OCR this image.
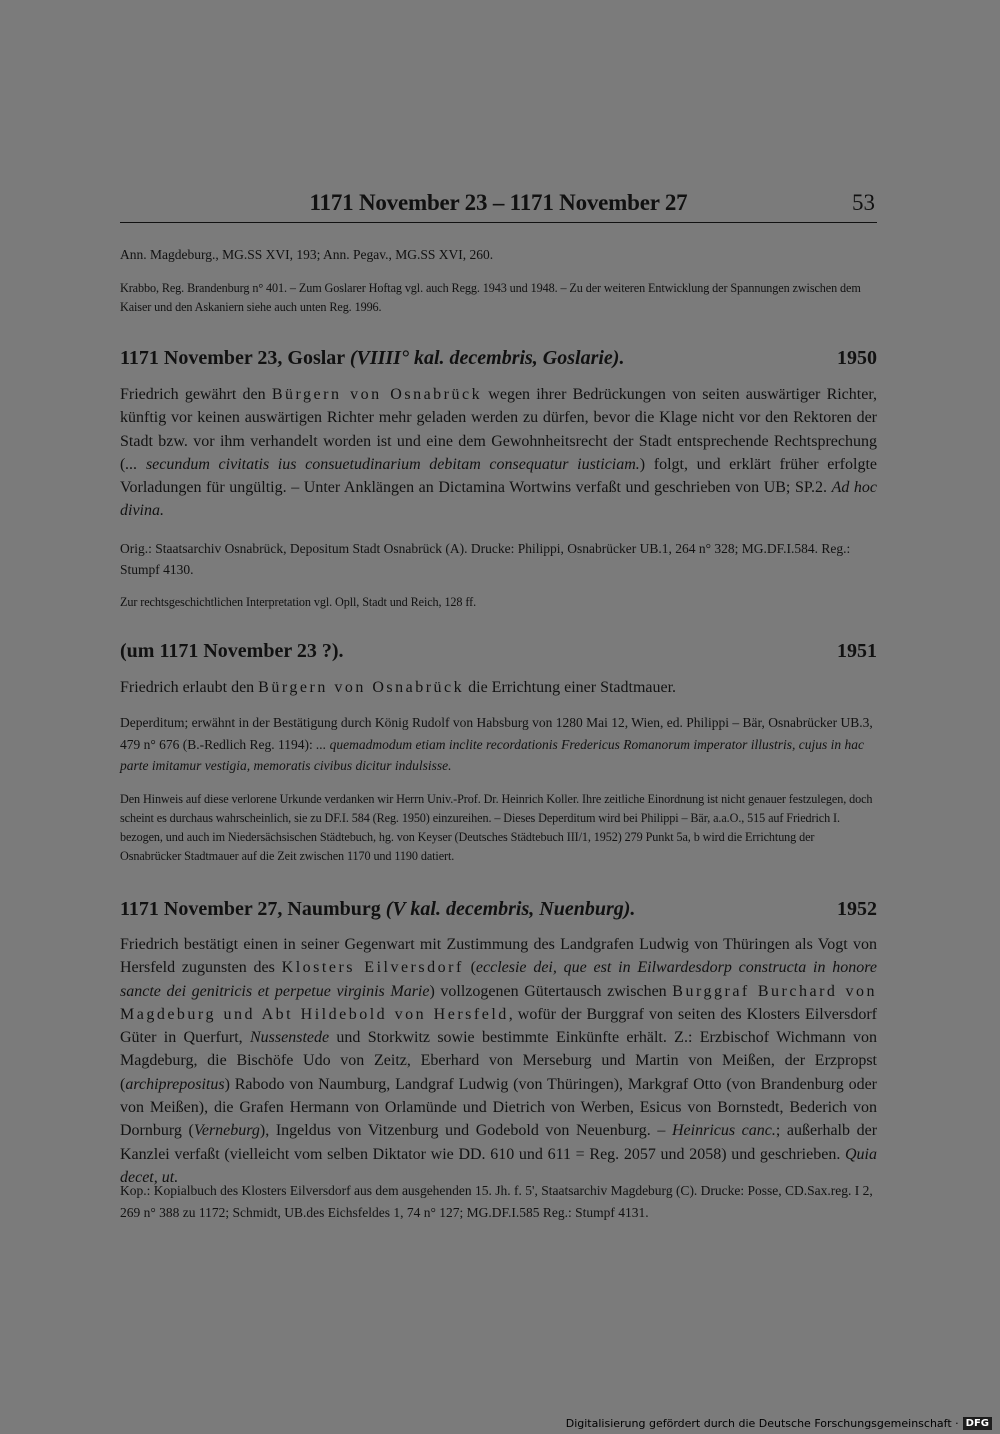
1171 November 23 – 1171 November 27	53
Ann. Magdeburg., MG.SS XVI, 193; Ann. Pegav., MG.SS XVI, 260.
Krabbo, Reg. Brandenburg n° 401. – Zum Goslarer Hoftag vgl. auch Regg. 1943 und 1948. – Zu der weiteren Entwicklung der Spannungen zwischen dem Kaiser und den Askaniern siehe auch unten Reg. 1996.
1171 November 23, Goslar (VIIII° kal. decembris, Goslarie).	1950
Friedrich gewährt den Bürgern von Osnabrück wegen ihrer Bedrückungen von seiten auswärtiger Richter, künftig vor keinen auswärtigen Richter mehr geladen werden zu dürfen, bevor die Klage nicht vor den Rektoren der Stadt bzw. vor ihm verhandelt worden ist und eine dem Gewohnheitsrecht der Stadt entsprechende Rechtsprechung (... secundum civitatis ius consuetudinarium debitam consequatur iusticiam.) folgt, und erklärt früher erfolgte Vorladungen für ungültig. – Unter Anklängen an Dictamina Wortwins verfaßt und geschrieben von UB; SP.2. Ad hoc divina.
Orig.: Staatsarchiv Osnabrück, Depositum Stadt Osnabrück (A). Drucke: Philippi, Osnabrücker UB.1, 264 n° 328; MG.DF.I.584. Reg.: Stumpf 4130.
Zur rechtsgeschichtlichen Interpretation vgl. Opll, Stadt und Reich, 128 ff.
(um 1171 November 23 ?).	1951
Friedrich erlaubt den Bürgern von Osnabrück die Errichtung einer Stadtmauer.
Deperditum; erwähnt in der Bestätigung durch König Rudolf von Habsburg von 1280 Mai 12, Wien, ed. Philippi – Bär, Osnabrücker UB.3, 479 n° 676 (B.-Redlich Reg. 1194): ... quemadmodum etiam inclite recordationis Fredericus Romanorum imperator illustris, cujus in hac parte imitamur vestigia, memoratis civibus dicitur indulsisse.
Den Hinweis auf diese verlorene Urkunde verdanken wir Herrn Univ.-Prof. Dr. Heinrich Koller. Ihre zeitliche Einordnung ist nicht genauer festzulegen, doch scheint es durchaus wahrscheinlich, sie zu DF.I. 584 (Reg. 1950) einzureihen. – Dieses Deperditum wird bei Philippi – Bär, a.a.O., 515 auf Friedrich I. bezogen, und auch im Niedersächsischen Städtebuch, hg. von Keyser (Deutsches Städtebuch III/1, 1952) 279 Punkt 5a, b wird die Errichtung der Osnabrücker Stadtmauer auf die Zeit zwischen 1170 und 1190 datiert.
1171 November 27, Naumburg (V kal. decembris, Nuenburg).	1952
Friedrich bestätigt einen in seiner Gegenwart mit Zustimmung des Landgrafen Ludwig von Thüringen als Vogt von Hersfeld zugunsten des Klosters Eilversdorf (ecclesie dei, que est in Eilwardesdorp constructa in honore sancte dei genitricis et perpetue virginis Marie) vollzogenen Gütertausch zwischen Burggraf Burchard von Magdeburg und Abt Hildebold von Hersfeld, wofür der Burggraf von seiten des Klosters Eilversdorf Güter in Querfurt, Nussenstede und Storkwitz sowie bestimmte Einkünfte erhält. Z.: Erzbischof Wichmann von Magdeburg, die Bischöfe Udo von Zeitz, Eberhard von Merseburg und Martin von Meißen, der Erzpropst (archiprepositus) Rabodo von Naumburg, Landgraf Ludwig (von Thüringen), Markgraf Otto (von Brandenburg oder von Meißen), die Grafen Hermann von Orlamünde und Dietrich von Werben, Esicus von Bornstedt, Bederich von Dornburg (Verneburg), Ingeldus von Vitzenburg und Godebold von Neuenburg. – Heinricus canc.; außerhalb der Kanzlei verfaßt (vielleicht vom selben Diktator wie DD. 610 und 611 = Reg. 2057 und 2058) und geschrieben. Quia decet, ut.
Kop.: Kopialbuch des Klosters Eilversdorf aus dem ausgehenden 15. Jh. f. 5', Staatsarchiv Magdeburg (C). Drucke: Posse, CD.Sax.reg. I 2, 269 n° 388 zu 1172; Schmidt, UB.des Eichsfeldes 1, 74 n° 127; MG.DF.I.585 Reg.: Stumpf 4131.
Digitalisierung gefördert durch die Deutsche Forschungsgemeinschaft · DFG
